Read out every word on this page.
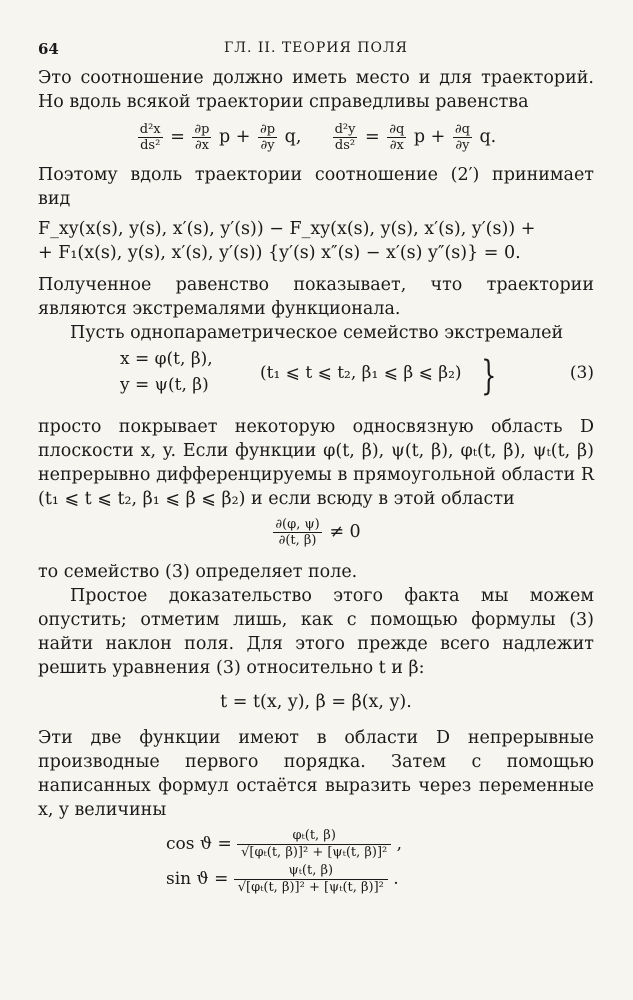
64	ГЛ. II. ТЕОРИЯ ПОЛЯ

Это соотношение должно иметь место и для траекторий. Но вдоль всякой траектории справедливы равенства

$\frac{\text{d²x}}{\text{ds²}} = \frac{\partial p}{\partial x}$ $p + \frac{\partial p}{\partial y} q$, $\frac{\text{d²y}}{\text{ds²}} = \frac{\partial q}{\partial x}$ $p + \frac{\partial q}{\partial y} q$.

Поэтому вдоль траектории соотношение (2′) принимает вид

F_xy(x(s), y(s), x′(s), y′(s)) − F_xy(x(s), y(s), x′(s), y′(s)) +
+ F₁(x(s), y(s), x′(s), y′(s)) {y′(s) x″(s) − x′(s) y″(s)} = 0.

Полученное равенство показывает, что траектории являются экстремалями функционала.

Пусть однопараметрическое семейство экстремалей

x = φ(t, β),
y = ψ(t, β)
(t₁ ⩽ t ⩽ t₂, β₁ ⩽ β ⩽ β₂) }	(3)

просто покрывает некоторую односвязную область D плоскости x, y. Если функции φ(t, β), ψ(t, β), φₜ(t, β), ψₜ(t, β) непрерывно дифференцируемы в прямоугольной области R (t₁ ⩽ t ⩽ t₂, β₁ ⩽ β ⩽ β₂) и если всюду в этой области

$\frac{\partial(\varphi, \psi)}{\partial(t, \beta)} \ne 0$

то семейство (3) определяет поле.

Простое доказательство этого факта мы можем опустить; отметим лишь, как с помощью формулы (3) найти наклон поля. Для этого прежде всего надлежит решить уравнения (3) относительно t и β:

t = t(x, y), β = β(x, y).

Эти две функции имеют в области D непрерывные производные первого порядка. Затем с помощью написанных формул остаётся выразить через переменные x, y величины

$\cos ϑ = \frac{\text{φₜ(t, β)}}{\text{√[φₜ(t, β)]² + [ψₜ(t, β)]²}}$ ,
$\sin ϑ = \frac{\text{ψₜ(t, β)}}{\text{√[φₜ(t, β)]² + [ψₜ(t, β)]²}}$ .
